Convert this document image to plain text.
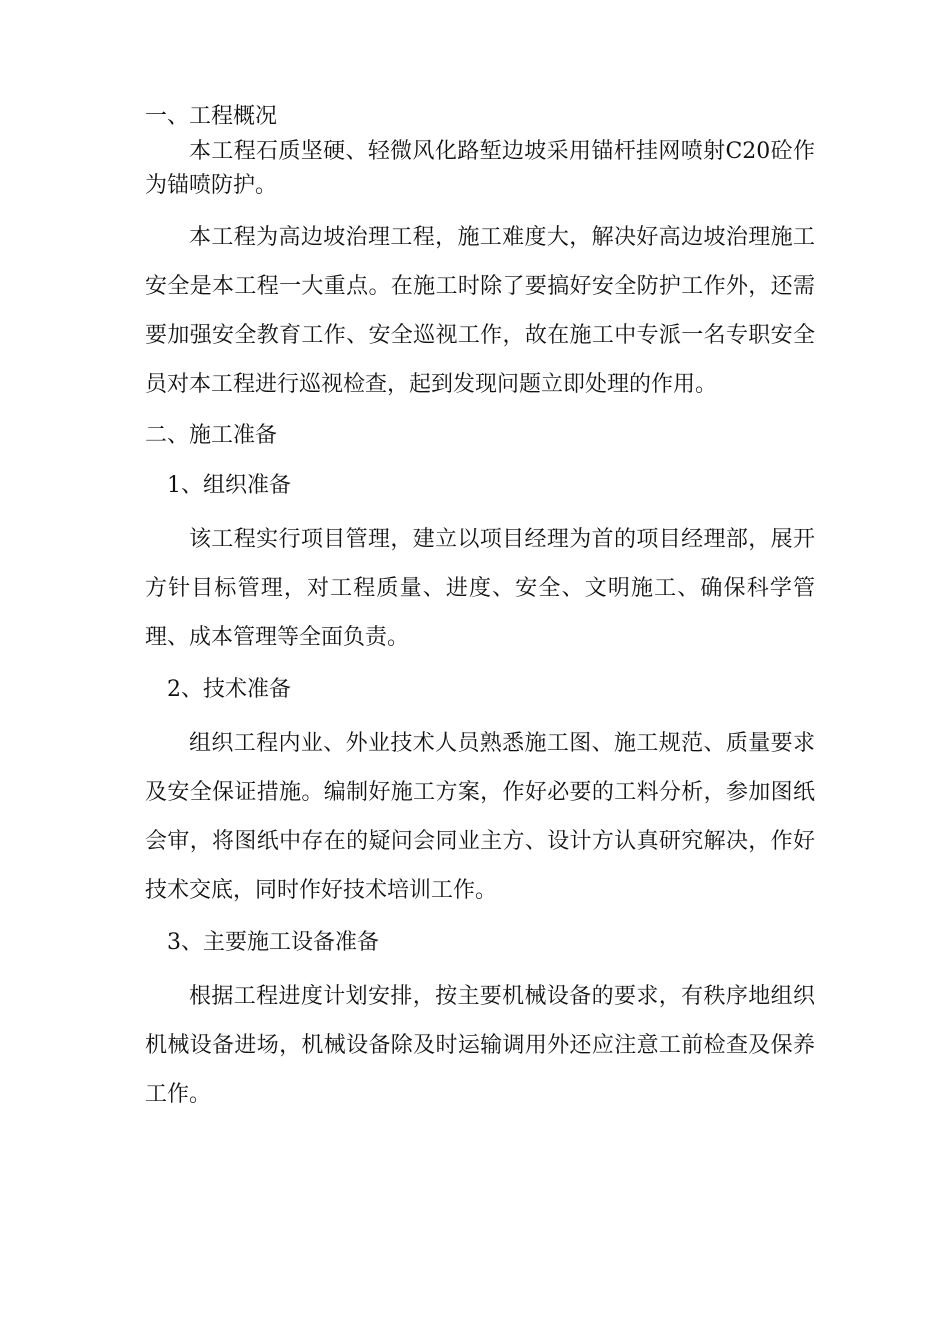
一、工程概况

本工程石质坚硬、轻微风化路堑边坡采用锚杆挂网喷射C20砼作为锚喷防护。

本工程为高边坡治理工程，施工难度大，解决好高边坡治理施工安全是本工程一大重点。在施工时除了要搞好安全防护工作外，还需要加强安全教育工作、安全巡视工作，故在施工中专派一名专职安全员对本工程进行巡视检查，起到发现问题立即处理的作用。

二、施工准备

1、组织准备

该工程实行项目管理，建立以项目经理为首的项目经理部，展开方针目标管理，对工程质量、进度、安全、文明施工、确保科学管理、成本管理等全面负责。

2、技术准备

组织工程内业、外业技术人员熟悉施工图、施工规范、质量要求及安全保证措施。编制好施工方案，作好必要的工料分析，参加图纸会审，将图纸中存在的疑问会同业主方、设计方认真研究解决，作好技术交底，同时作好技术培训工作。

3、主要施工设备准备

根据工程进度计划安排，按主要机械设备的要求，有秩序地组织机械设备进场，机械设备除及时运输调用外还应注意工前检查及保养工作。
